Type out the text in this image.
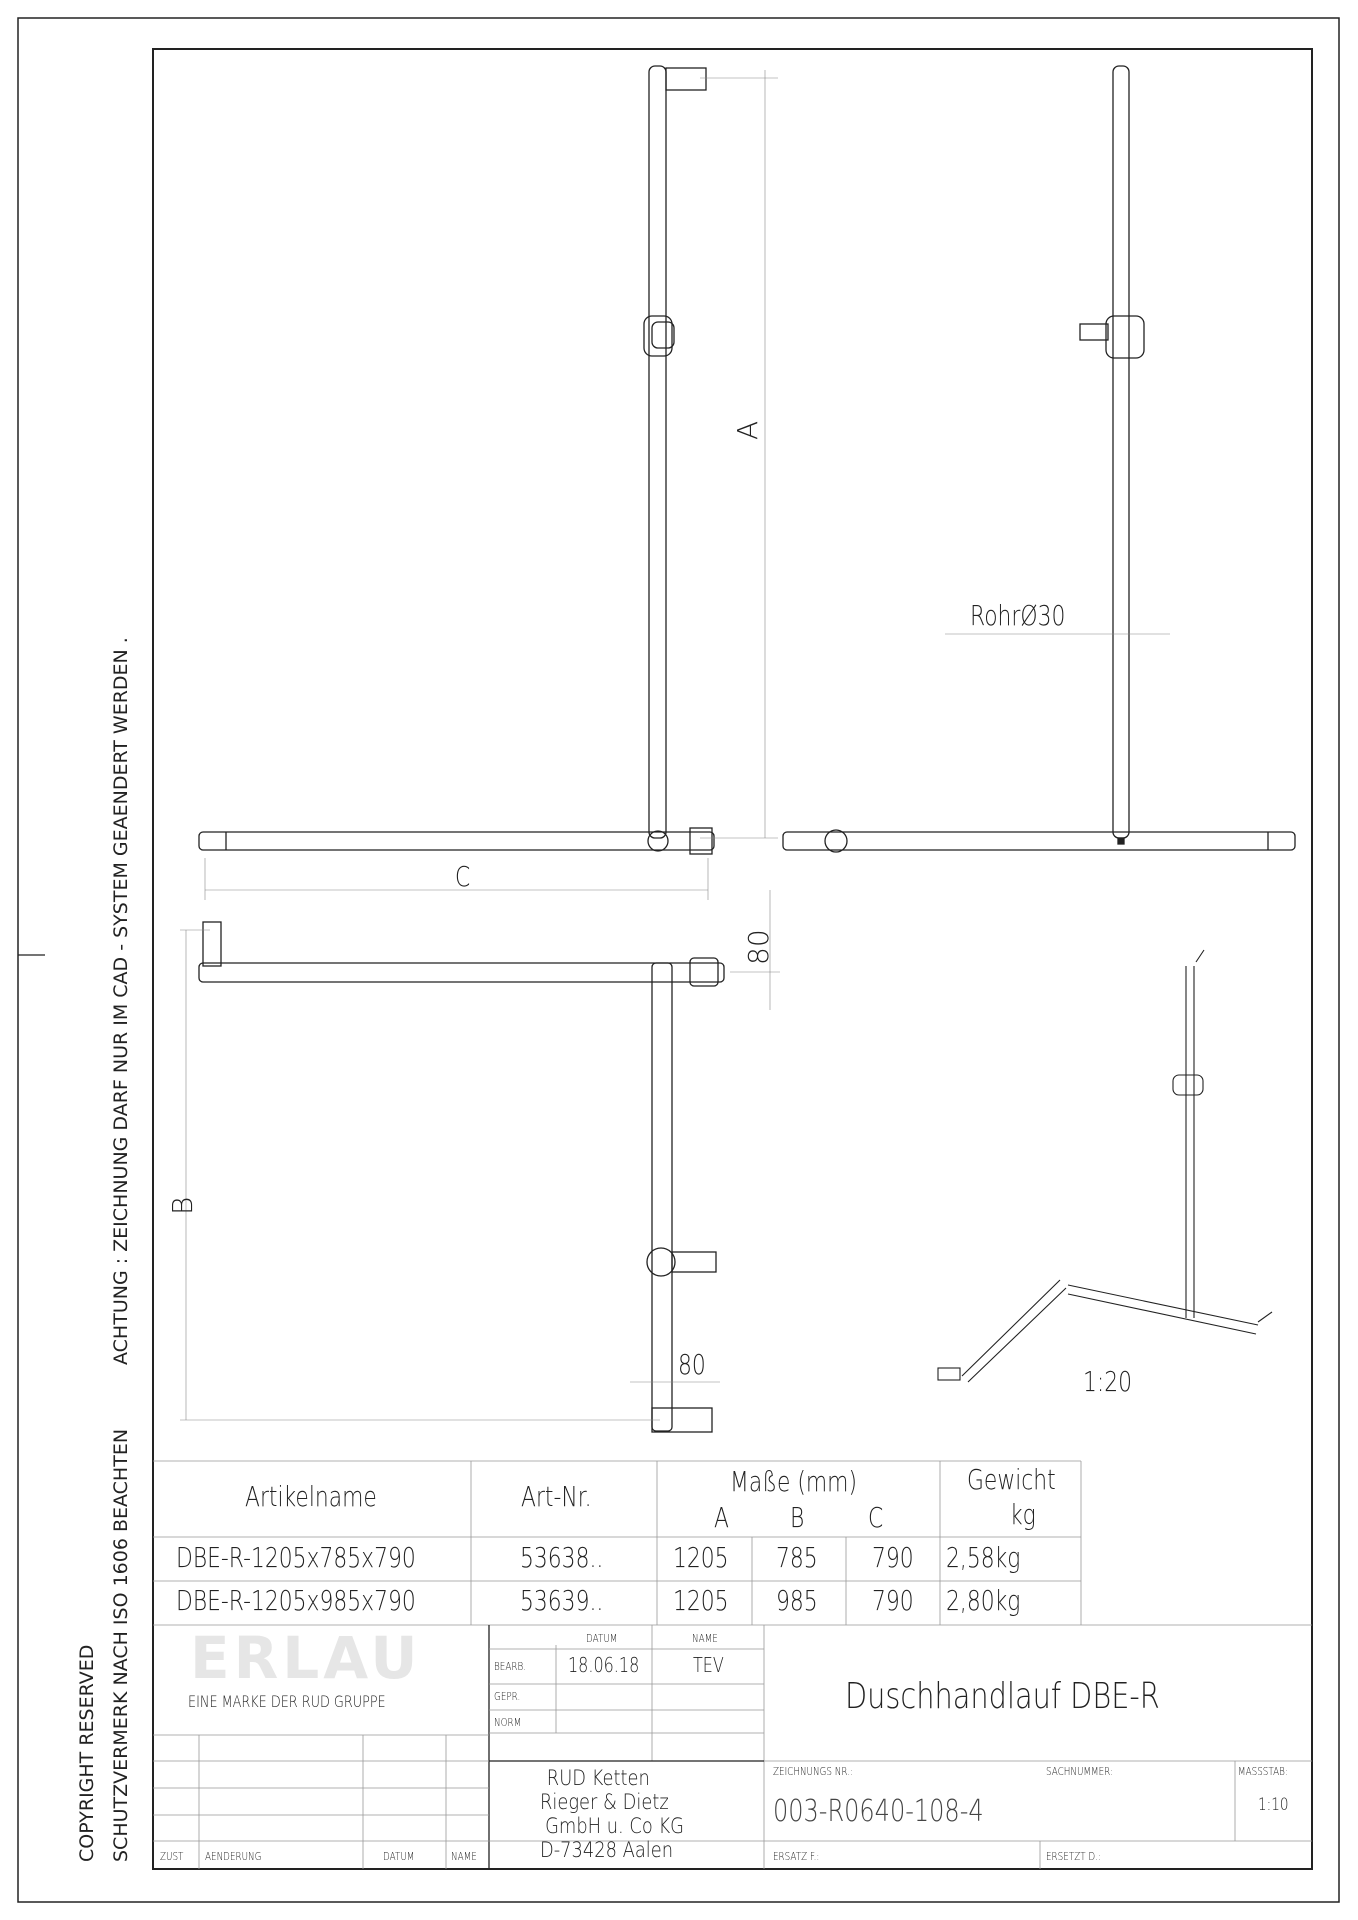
ACHTUNG : ZEICHNUNG DARF NUR IM CAD - SYSTEM GEAENDERT WERDEN .
SCHUTZVERMERK NACH ISO 1606 BEACHTEN
COPYRIGHT RESERVED
A
C
B
80
80
RohrØ30
1:20
Artikelname	Art-Nr.	Maße (mm)
A B C
Gewicht
kg
DBE-R-1205x785x790	53638.. 1205 785 790 2,58kg
DBE-R-1205x985x790	53639.. 1205 985 790 2,80kg
ERLAU
EINE MARKE DER RUD GRUPPE
DATUM	NAME
BEARB. 18.06.18	TEV
GEPR.
NORM
Duschhandlauf DBE-R
RUD Ketten
Rieger & Dietz
GmbH u. Co KG
D-73428 Aalen
ZEICHNUNGS NR.:
003-R0640-108-4
SACHNUMMER:	MASSSTAB:
1:10
ERSATZ F.:	ERSETZT D.:
ZUST AENDERUNG	DATUM	NAME
